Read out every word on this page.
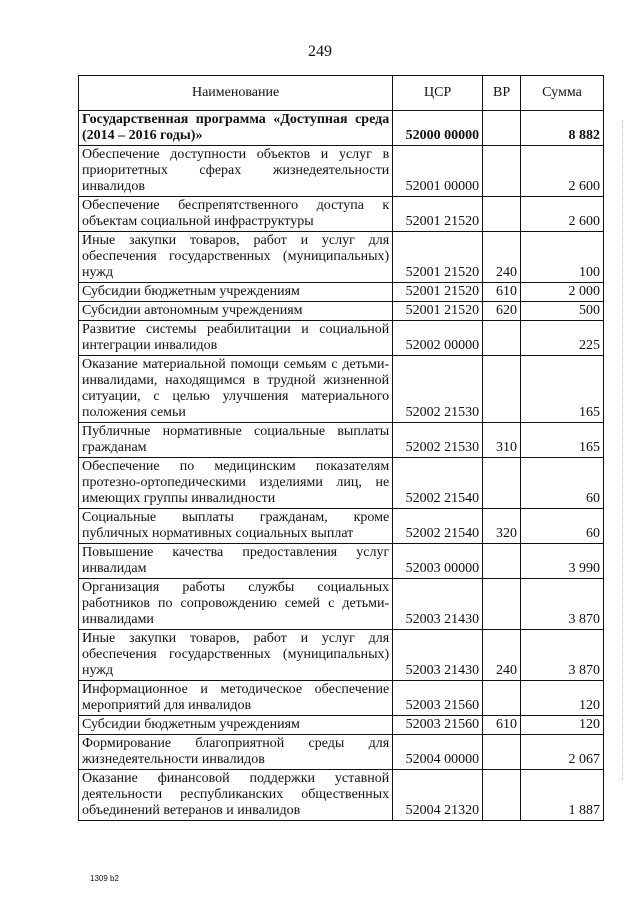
249
Наименование	ЦСР	ВР	Сумма
Государственная программа «Доступная среда (2014 – 2016 годы)»	52000 00000		8 882
Обеспечение доступности объектов и услуг в приоритетных сферах жизнедеятельности инвалидов	52001 00000		2 600
Обеспечение беспрепятственного доступа к объектам социальной инфраструктуры	52001 21520		2 600
Иные закупки товаров, работ и услуг для обеспечения государственных (муниципальных) нужд	52001 21520	240	100
Субсидии бюджетным учреждениям	52001 21520	610	2 000
Субсидии автономным учреждениям	52001 21520	620	500
Развитие системы реабилитации и социальной интеграции инвалидов	52002 00000		225
Оказание материальной помощи семьям с детьми-инвалидами, находящимся в трудной жизненной ситуации, с целью улучшения материального положения семьи	52002 21530		165
Публичные нормативные социальные выплаты гражданам	52002 21530	310	165
Обеспечение по медицинским показателям протезно-ортопедическими изделиями лиц, не имеющих группы инвалидности	52002 21540		60
Социальные выплаты гражданам, кроме публичных нормативных социальных выплат	52002 21540	320	60
Повышение качества предоставления услуг инвалидам	52003 00000		3 990
Организация работы службы социальных работников по сопровождению семей с детьми-инвалидами	52003 21430		3 870
Иные закупки товаров, работ и услуг для обеспечения государственных (муниципальных) нужд	52003 21430	240	3 870
Информационное и методическое обеспечение мероприятий для инвалидов	52003 21560		120
Субсидии бюджетным учреждениям	52003 21560	610	120
Формирование благоприятной среды для жизнедеятельности инвалидов	52004 00000		2 067
Оказание финансовой поддержки уставной деятельности республиканских общественных объединений ветеранов и инвалидов	52004 21320		1 887
1309 b2
